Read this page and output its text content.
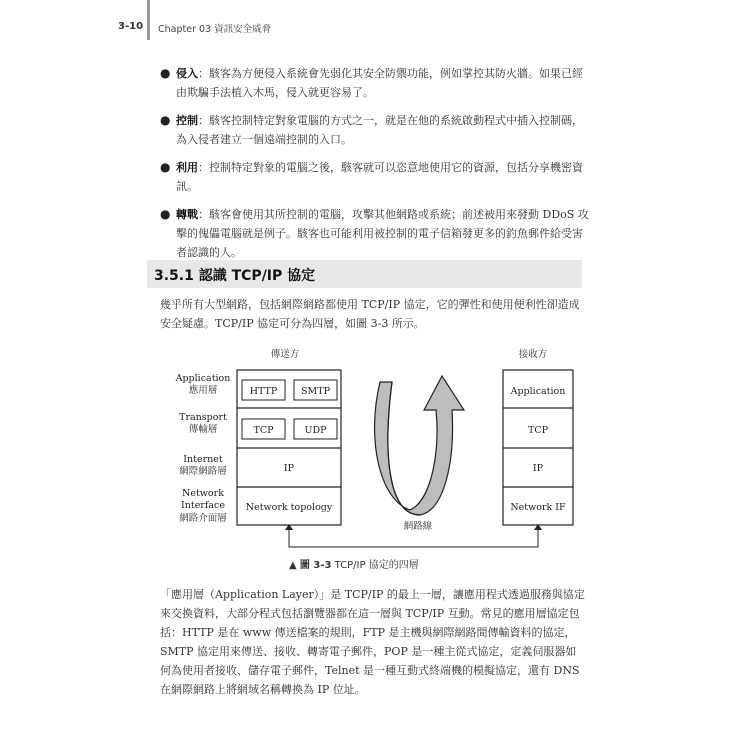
3-10 Chapter 03 資訊安全威脅
● 侵入：駭客為方便侵入系統會先弱化其安全防禦功能，例如掌控其防火牆。如果已經由欺騙手法植入木馬，侵入就更容易了。
● 控制：駭客控制特定對象電腦的方式之一，就是在他的系統啟動程式中插入控制碼，為入侵者建立一個遠端控制的入口。
● 利用：控制特定對象的電腦之後，駭客就可以恣意地使用它的資源，包括分享機密資訊。
● 轉戰：駭客會使用其所控制的電腦，攻擊其他網路或系統；前述被用來發動 DDoS 攻擊的傀儡電腦就是例子。駭客也可能利用被控制的電子信箱發更多的釣魚郵件給受害者認識的人。
3.5.1 認識 TCP/IP 協定
幾乎所有大型網路，包括網際網路都使用 TCP/IP 協定，它的彈性和使用便利性卻造成安全疑慮。TCP/IP 協定可分為四層，如圖 3-3 所示。
傳送方	接收方
Application
應用層
Transport
傳輸層
Internet
網際網路層
Network
Interface
網路介面層
HTTP	SMTP
TCP	UDP
IP
Network topology
網路線
Application
TCP
IP
Network IF
▲ 圖 3-3 TCP/IP 協定的四層
「應用層（Application Layer）」是 TCP/IP 的最上一層，讓應用程式透過服務與協定來交換資料，大部分程式包括瀏覽器都在這一層與 TCP/IP 互動。常見的應用層協定包括：HTTP 是在 www 傳送檔案的規則，FTP 是主機與網際網路間傳輸資料的協定，SMTP 協定用來傳送、接收、轉寄電子郵件，POP 是一種主從式協定，定義伺服器如何為使用者接收、儲存電子郵件，Telnet 是一種互動式終端機的模擬協定，還有 DNS 在網際網路上將網域名稱轉換為 IP 位址。
